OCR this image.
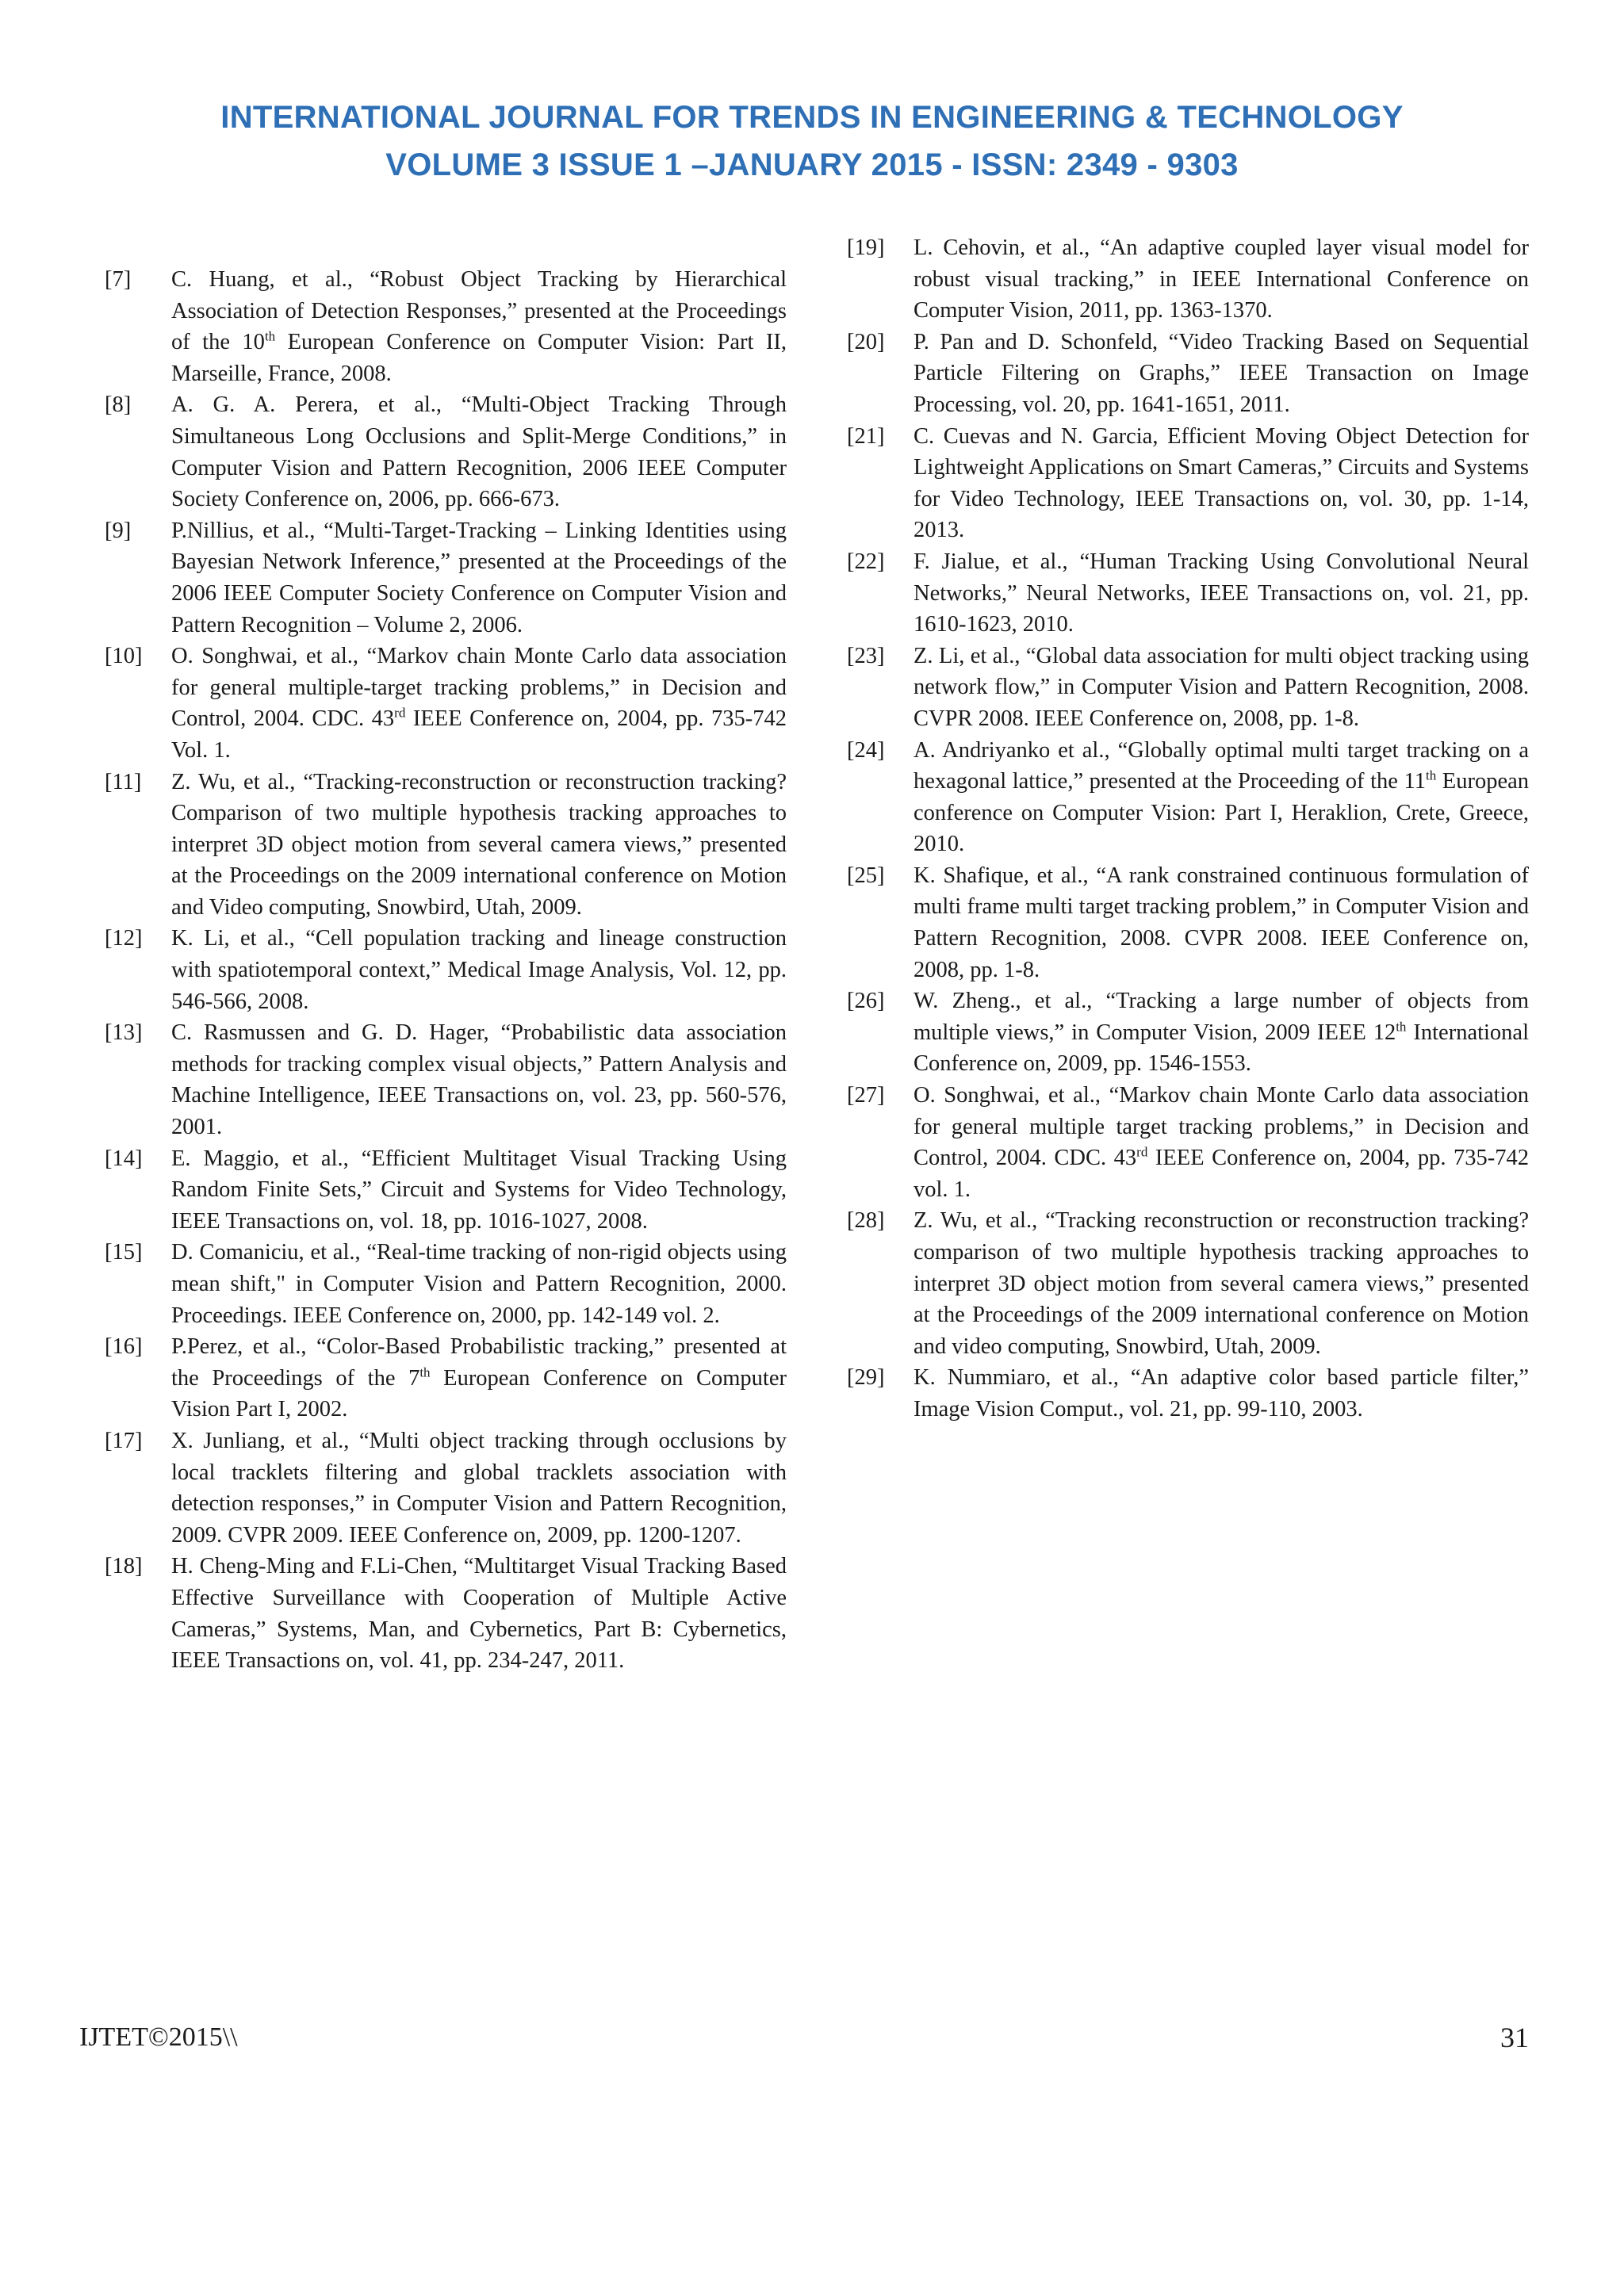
INTERNATIONAL JOURNAL FOR TRENDS IN ENGINEERING & TECHNOLOGY
VOLUME 3 ISSUE 1 –JANUARY 2015 - ISSN: 2349 - 9303
[7] C. Huang, et al., “Robust Object Tracking by Hierarchical Association of Detection Responses,” presented at the Proceedings of the 10th European Conference on Computer Vision: Part II, Marseille, France, 2008.
[8] A. G. A. Perera, et al., “Multi-Object Tracking Through Simultaneous Long Occlusions and Split-Merge Conditions,” in Computer Vision and Pattern Recognition, 2006 IEEE Computer Society Conference on, 2006, pp. 666-673.
[9] P.Nillius, et al., “Multi-Target-Tracking – Linking Identities using Bayesian Network Inference,” presented at the Proceedings of the 2006 IEEE Computer Society Conference on Computer Vision and Pattern Recognition – Volume 2, 2006.
[10] O. Songhwai, et al., “Markov chain Monte Carlo data association for general multiple-target tracking problems,” in Decision and Control, 2004. CDC. 43rd IEEE Conference on, 2004, pp. 735-742 Vol. 1.
[11] Z. Wu, et al., “Tracking-reconstruction or reconstruction tracking? Comparison of two multiple hypothesis tracking approaches to interpret 3D object motion from several camera views,” presented at the Proceedings on the 2009 international conference on Motion and Video computing, Snowbird, Utah, 2009.
[12] K. Li, et al., “Cell population tracking and lineage construction with spatiotemporal context,” Medical Image Analysis, Vol. 12, pp. 546-566, 2008.
[13] C. Rasmussen and G. D. Hager, “Probabilistic data association methods for tracking complex visual objects,” Pattern Analysis and Machine Intelligence, IEEE Transactions on, vol. 23, pp. 560-576, 2001.
[14] E. Maggio, et al., “Efficient Multitaget Visual Tracking Using Random Finite Sets,” Circuit and Systems for Video Technology, IEEE Transactions on, vol. 18, pp. 1016-1027, 2008.
[15] D. Comaniciu, et al., “Real-time tracking of non-rigid objects using mean shift," in Computer Vision and Pattern Recognition, 2000. Proceedings. IEEE Conference on, 2000, pp. 142-149 vol. 2.
[16] P.Perez, et al., “Color-Based Probabilistic tracking,” presented at the Proceedings of the 7th European Conference on Computer Vision Part I, 2002.
[17] X. Junliang, et al., “Multi object tracking through occlusions by local tracklets filtering and global tracklets association with detection responses,” in Computer Vision and Pattern Recognition, 2009. CVPR 2009. IEEE Conference on, 2009, pp. 1200-1207.
[18] H. Cheng-Ming and F.Li-Chen, “Multitarget Visual Tracking Based Effective Surveillance with Cooperation of Multiple Active Cameras,” Systems, Man, and Cybernetics, Part B: Cybernetics, IEEE Transactions on, vol. 41, pp. 234-247, 2011.
[19] L. Cehovin, et al., “An adaptive coupled layer visual model for robust visual tracking,” in IEEE International Conference on Computer Vision, 2011, pp. 1363-1370.
[20] P. Pan and D. Schonfeld, “Video Tracking Based on Sequential Particle Filtering on Graphs,” IEEE Transaction on Image Processing, vol. 20, pp. 1641-1651, 2011.
[21] C. Cuevas and N. Garcia, Efficient Moving Object Detection for Lightweight Applications on Smart Cameras,” Circuits and Systems for Video Technology, IEEE Transactions on, vol. 30, pp. 1-14, 2013.
[22] F. Jialue, et al., “Human Tracking Using Convolutional Neural Networks,” Neural Networks, IEEE Transactions on, vol. 21, pp. 1610-1623, 2010.
[23] Z. Li, et al., “Global data association for multi object tracking using network flow,” in Computer Vision and Pattern Recognition, 2008. CVPR 2008. IEEE Conference on, 2008, pp. 1-8.
[24] A. Andriyanko et al., “Globally optimal multi target tracking on a hexagonal lattice,” presented at the Proceeding of the 11th European conference on Computer Vision: Part I, Heraklion, Crete, Greece, 2010.
[25] K. Shafique, et al., “A rank constrained continuous formulation of multi frame multi target tracking problem,” in Computer Vision and Pattern Recognition, 2008. CVPR 2008. IEEE Conference on, 2008, pp. 1-8.
[26] W. Zheng., et al., “Tracking a large number of objects from multiple views,” in Computer Vision, 2009 IEEE 12th International Conference on, 2009, pp. 1546-1553.
[27] O. Songhwai, et al., “Markov chain Monte Carlo data association for general multiple target tracking problems,” in Decision and Control, 2004. CDC. 43rd IEEE Conference on, 2004, pp. 735-742 vol. 1.
[28] Z. Wu, et al., “Tracking reconstruction or reconstruction tracking?comparison of two multiple hypothesis tracking approaches to interpret 3D object motion from several camera views,” presented at the Proceedings of the 2009 international conference on Motion and video computing, Snowbird, Utah, 2009.
[29] K. Nummiaro, et al., “An adaptive color based particle filter,” Image Vision Comput., vol. 21, pp. 99-110, 2003.
IJTET©2015\\	31
